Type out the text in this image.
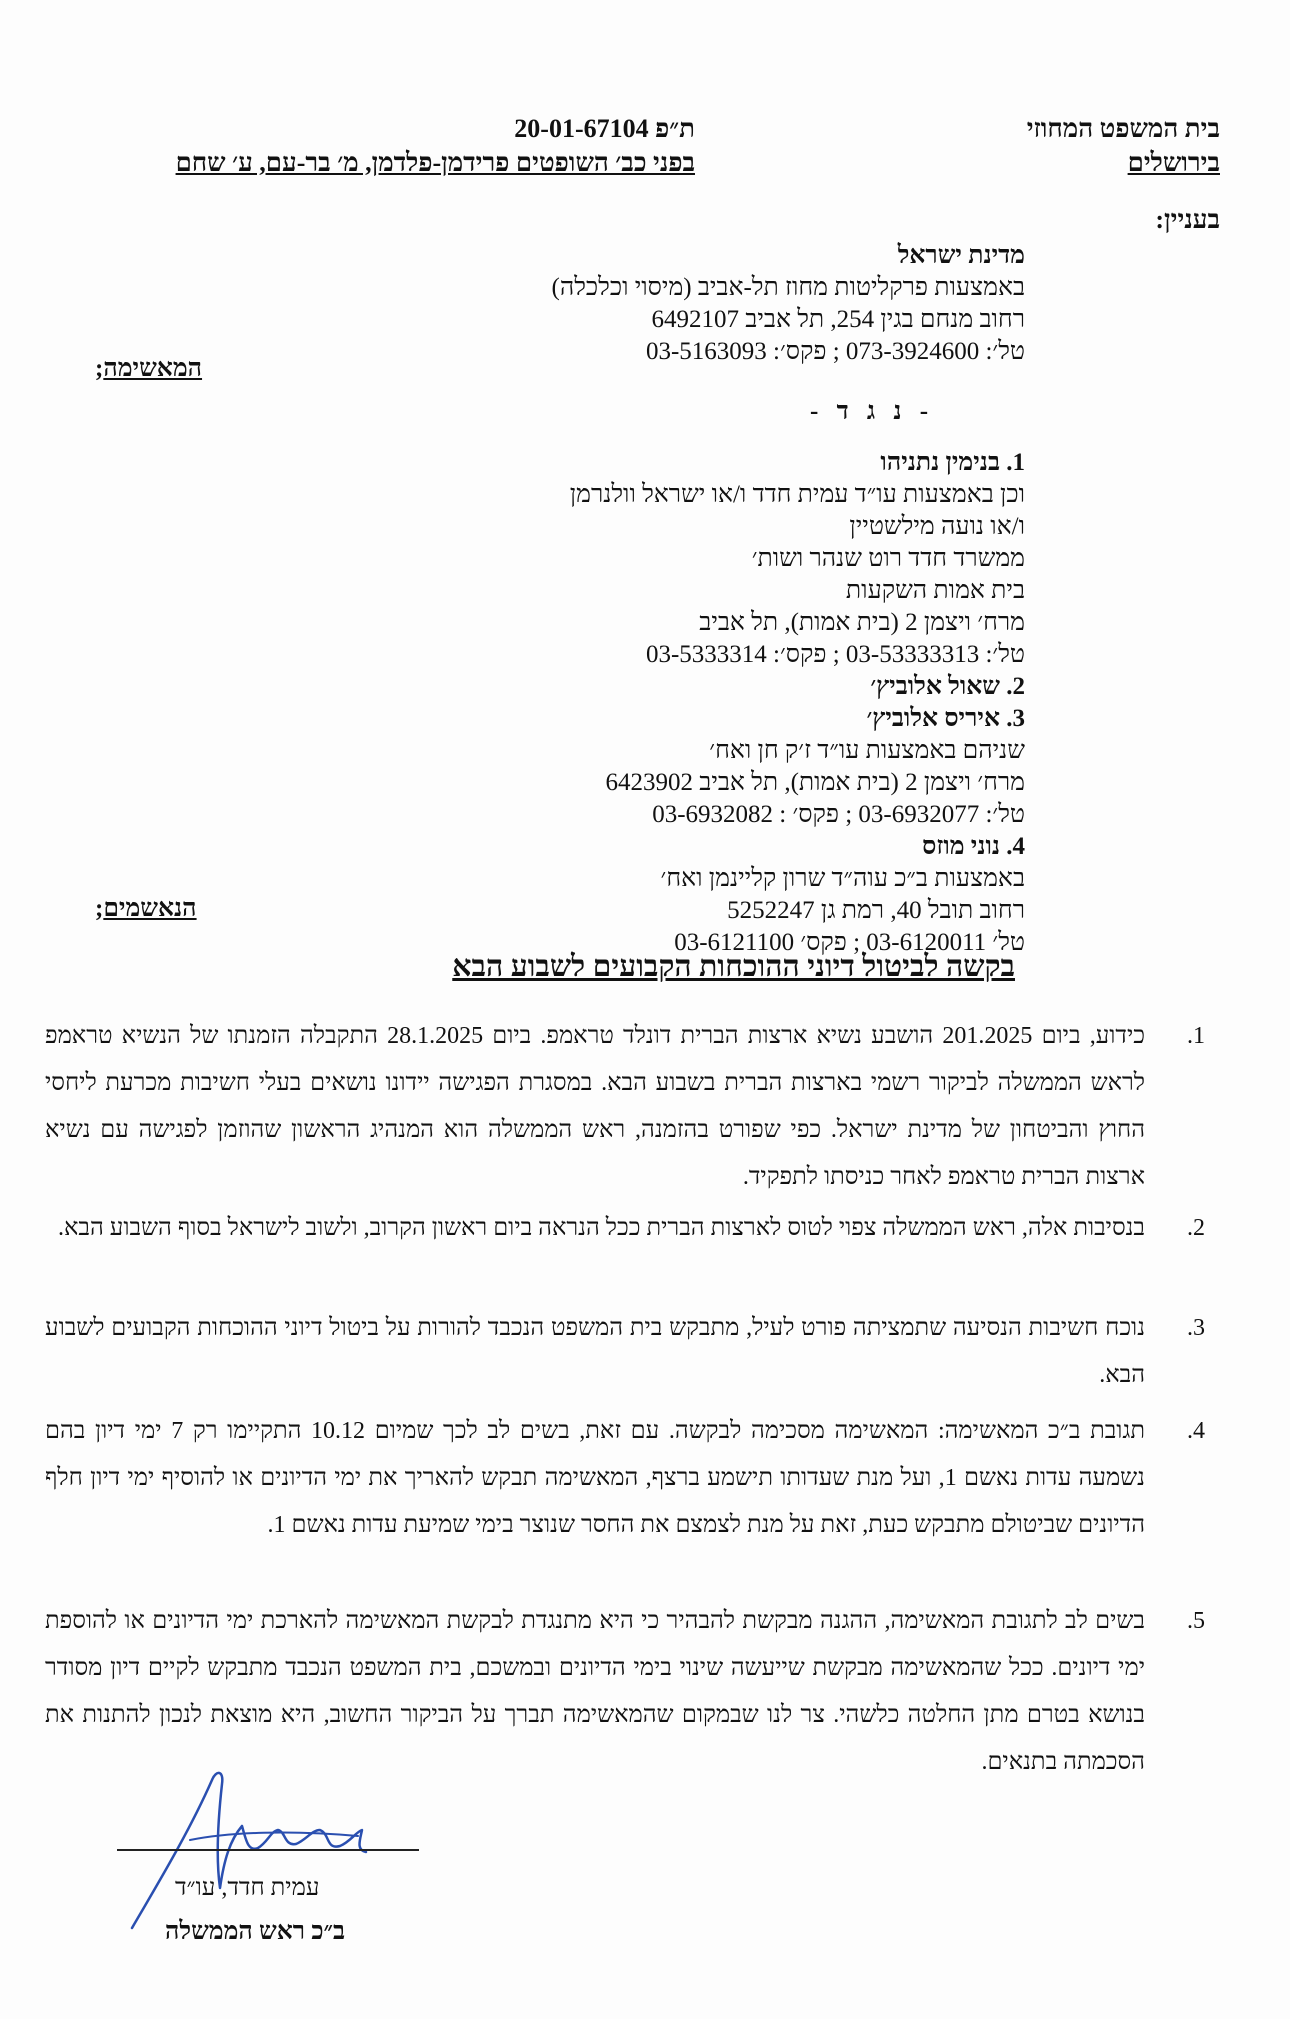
בית המשפט המחוזי
בירושלים
ת״פ 20-01-67104
בפני כב׳ השופטים פרידמן-פלדמן, מ׳ בר-עם, ע׳ שחם
בעניין:
מדינת ישראל
באמצעות פרקליטות מחוז תל-אביב (מיסוי וכלכלה)
רחוב מנחם בגין 254, תל אביב 6492107
טל׳: 073-3924600 ; פקס׳: 03-5163093
המאשימה;
- נ ג ד -
1. בנימין נתניהו
וכן באמצעות עו״ד עמית חדד ו/או ישראל וולנרמן
ו/או נועה מילשטיין
ממשרד חדד רוט שנהר ושות׳
בית אמות השקעות
מרח׳ ויצמן 2 (בית אמות), תל אביב
טל׳: 03-53333313 ; פקס׳: 03-5333314
2. שאול אלוביץ׳
3. איריס אלוביץ׳
שניהם באמצעות עו״ד ז׳ק חן ואח׳
מרח׳ ויצמן 2 (בית אמות), תל אביב 6423902
טל׳: 03-6932077 ; פקס׳ : 03-6932082
4. נוני מוזס
באמצעות ב״כ עוה״ד שרון קליינמן ואח׳
רחוב תובל 40, רמת גן 5252247
טל׳ 03-6120011 ; פקס׳ 03-6121100
הנאשמים;
בקשה לביטול דיוני ההוכחות הקבועים לשבוע הבא
1.
כידוע, ביום 201.2025 הושבע נשיא ארצות הברית דונלד טראמפ. ביום 28.1.2025 התקבלה הזמנתו של הנשיא טראמפ לראש הממשלה לביקור רשמי בארצות הברית בשבוע הבא. במסגרת הפגישה יידונו נושאים בעלי חשיבות מכרעת ליחסי החוץ והביטחון של מדינת ישראל. כפי שפורט בהזמנה, ראש הממשלה הוא המנהיג הראשון שהוזמן לפגישה עם נשיא ארצות הברית טראמפ לאחר כניסתו לתפקיד.
2.
בנסיבות אלה, ראש הממשלה צפוי לטוס לארצות הברית ככל הנראה ביום ראשון הקרוב, ולשוב לישראל בסוף השבוע הבא.
3.
נוכח חשיבות הנסיעה שתמציתה פורט לעיל, מתבקש בית המשפט הנכבד להורות על ביטול דיוני ההוכחות הקבועים לשבוע הבא.
4.
תגובת ב״כ המאשימה: המאשימה מסכימה לבקשה. עם זאת, בשים לב לכך שמיום 10.12 התקיימו רק 7 ימי דיון בהם נשמעה עדות נאשם 1, ועל מנת שעדותו תישמע ברצף, המאשימה תבקש להאריך את ימי הדיונים או להוסיף ימי דיון חלף הדיונים שביטולם מתבקש כעת, זאת על מנת לצמצם את החסר שנוצר בימי שמיעת עדות נאשם 1.
5.
בשים לב לתגובת המאשימה, ההגנה מבקשת להבהיר כי היא מתנגדת לבקשת המאשימה להארכת ימי הדיונים או להוספת ימי דיונים. ככל שהמאשימה מבקשת שייעשה שינוי בימי הדיונים ובמשכם, בית המשפט הנכבד מתבקש לקיים דיון מסודר בנושא בטרם מתן החלטה כלשהי. צר לנו שבמקום שהמאשימה תברך על הביקור החשוב, היא מוצאת לנכון להתנות את הסכמתה בתנאים.
עמית חדד, עו״ד
ב״כ ראש הממשלה
